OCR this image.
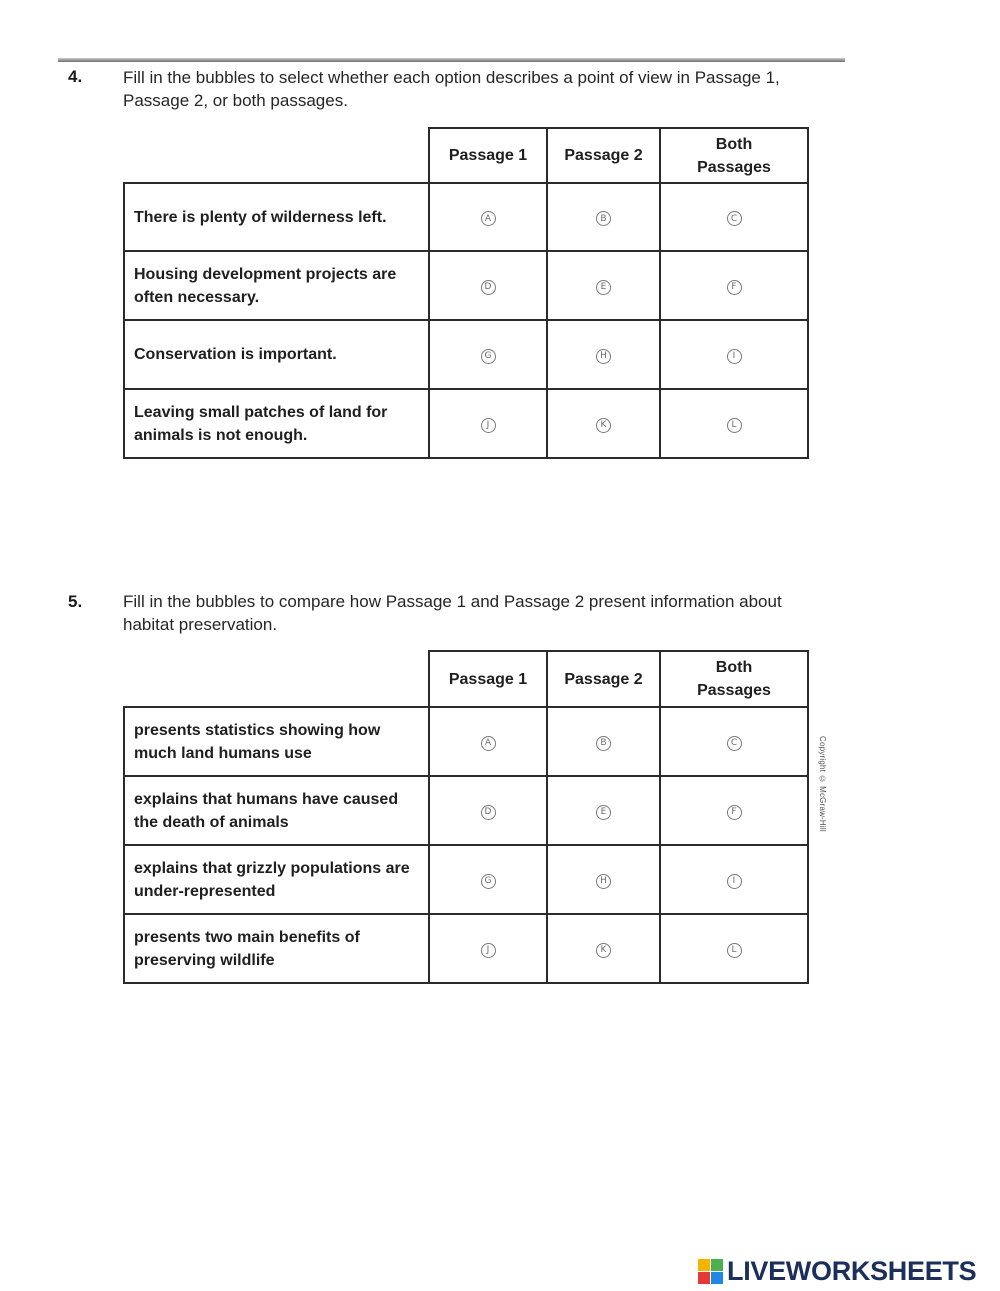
4. Fill in the bubbles to select whether each option describes a point of view in Passage 1, Passage 2, or both passages.
	Passage 1	Passage 2	Both Passages
There is plenty of wilderness left.	A	B	C
Housing development projects are often necessary.	D	E	F
Conservation is important.	G	H	I
Leaving small patches of land for animals is not enough.	J	K	L
5. Fill in the bubbles to compare how Passage 1 and Passage 2 present information about habitat preservation.
	Passage 1	Passage 2	Both Passages
presents statistics showing how much land humans use	A	B	C
explains that humans have caused the death of animals	D	E	F
explains that grizzly populations are under-represented	G	H	I
presents two main benefits of preserving wildlife	J	K	L
Copyright © McGraw-Hill
LIVEWORKSHEETS
